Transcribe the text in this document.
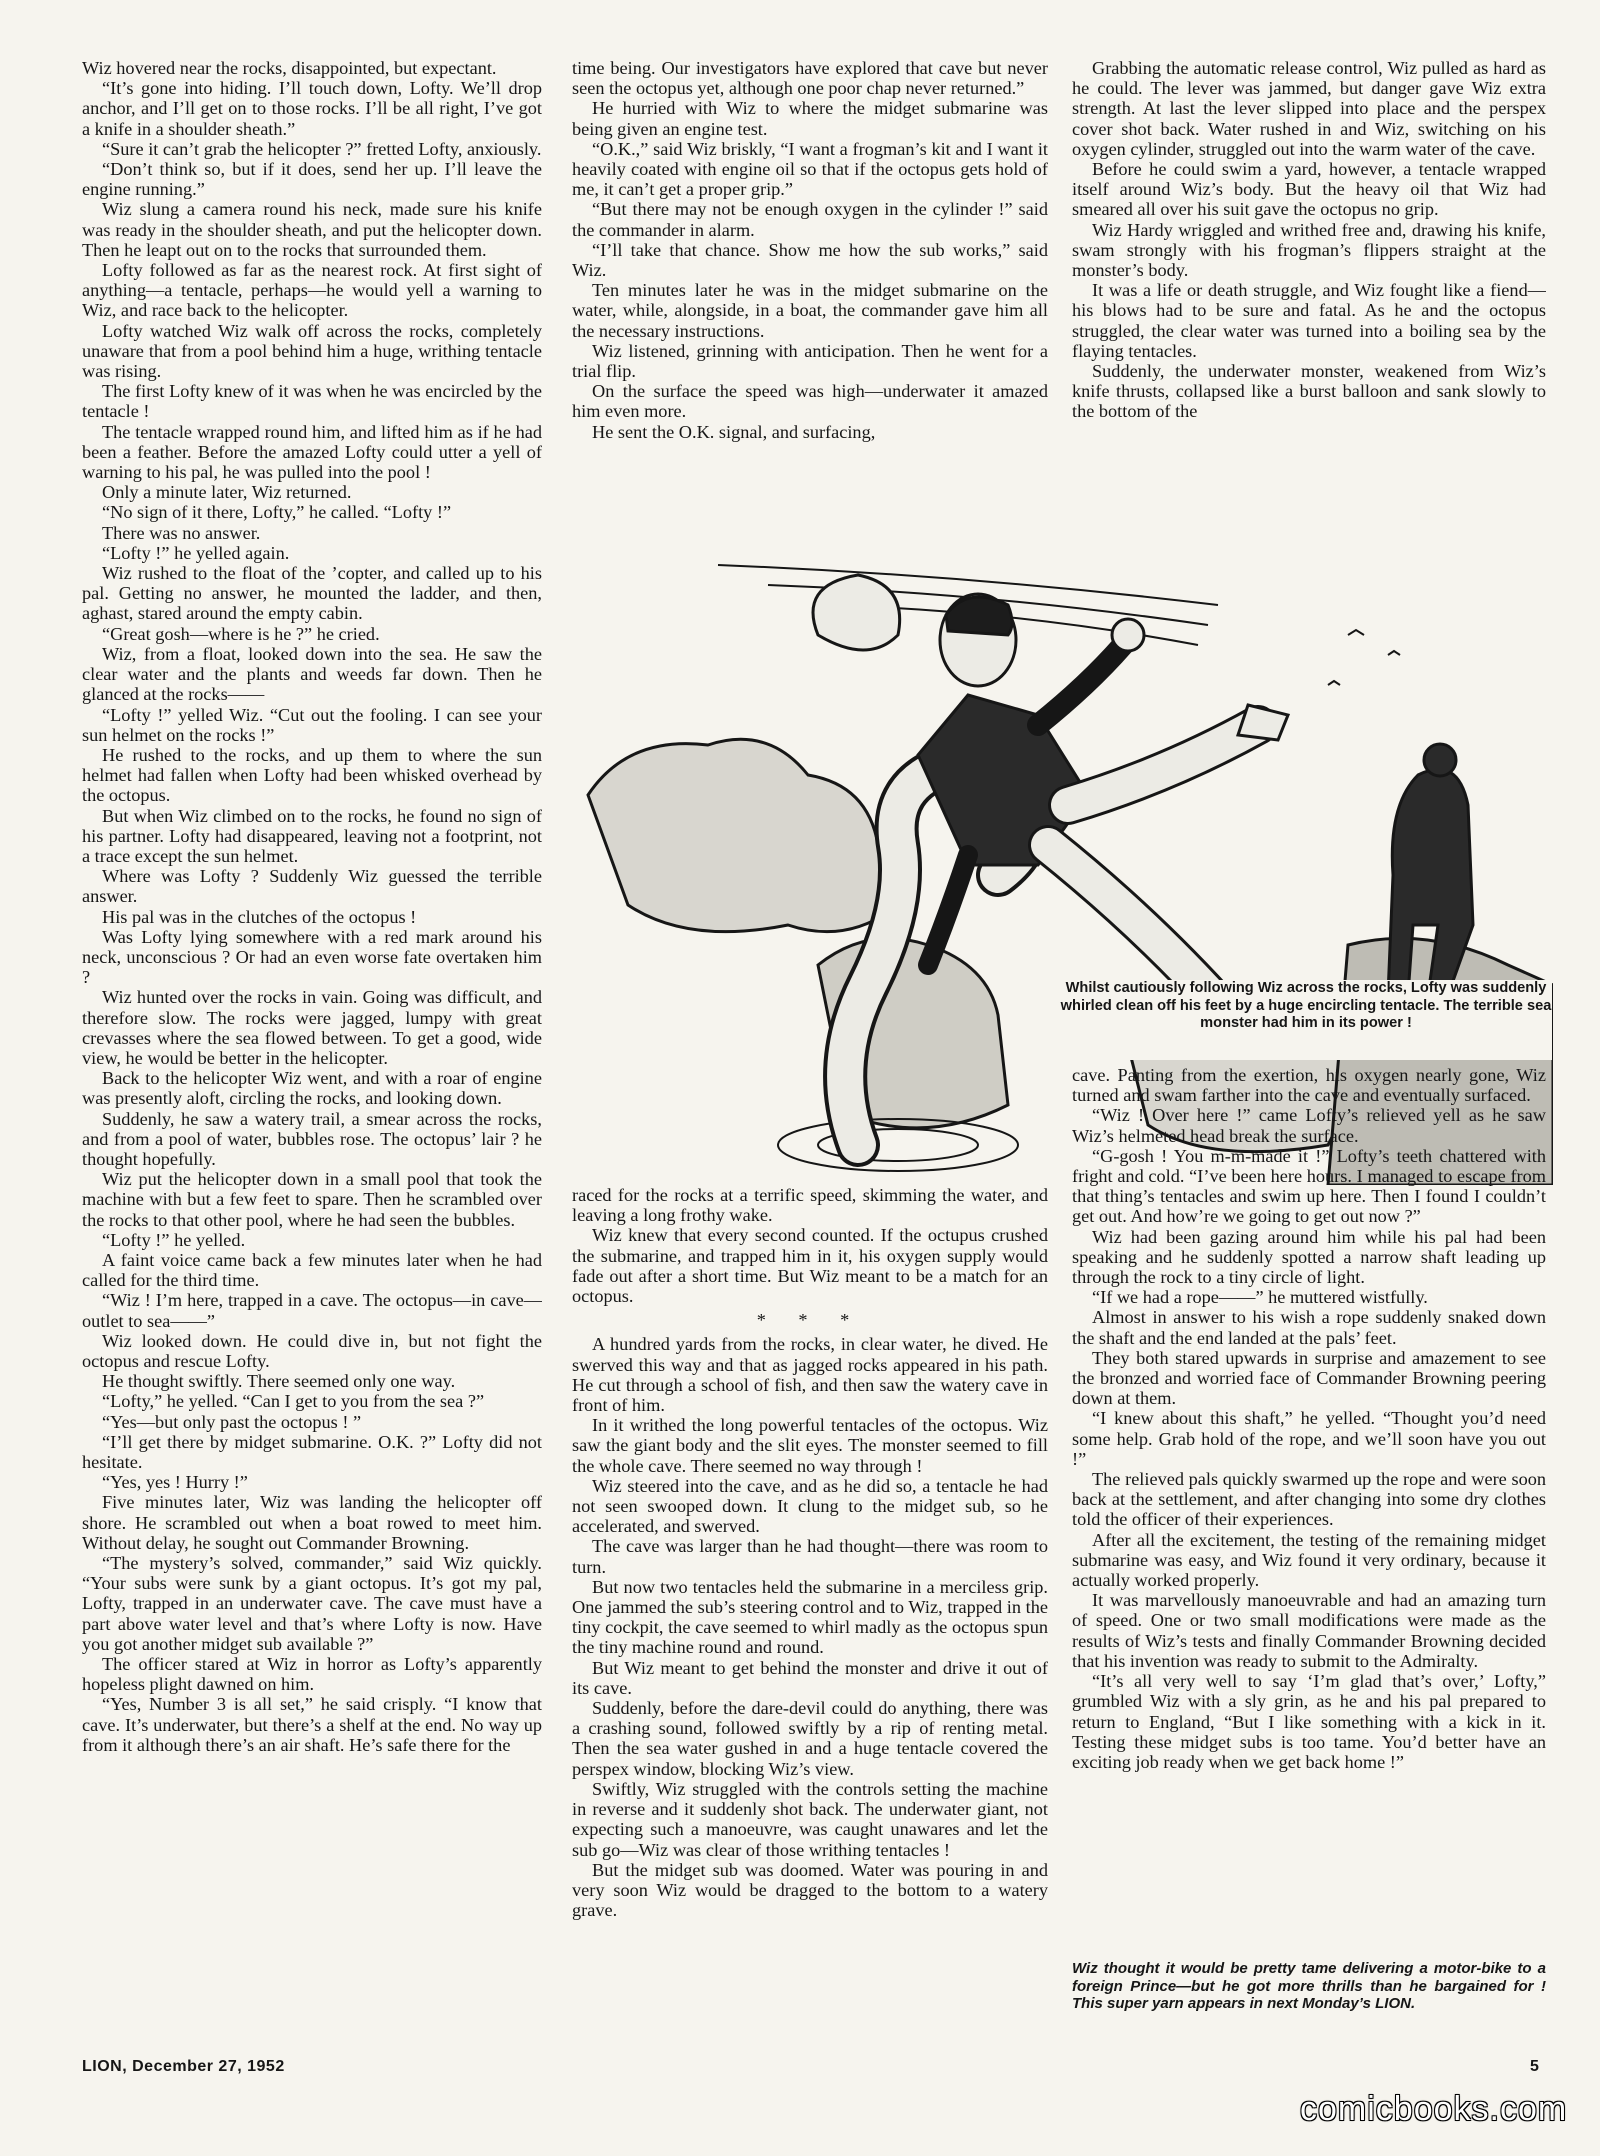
Wiz hovered near the rocks, disappointed, but expectant.

“It’s gone into hiding. I’ll touch down, Lofty. We’ll drop anchor, and I’ll get on to those rocks. I’ll be all right, I’ve got a knife in a shoulder sheath.”

“Sure it can’t grab the helicopter ?” fretted Lofty, anxiously.

“Don’t think so, but if it does, send her up. I’ll leave the engine running.”

Wiz slung a camera round his neck, made sure his knife was ready in the shoulder sheath, and put the helicopter down. Then he leapt out on to the rocks that surrounded them.

Lofty followed as far as the nearest rock. At first sight of anything—a tentacle, perhaps—he would yell a warning to Wiz, and race back to the helicopter.

Lofty watched Wiz walk off across the rocks, completely unaware that from a pool behind him a huge, writhing tentacle was rising.

The first Lofty knew of it was when he was encircled by the tentacle !

The tentacle wrapped round him, and lifted him as if he had been a feather. Before the amazed Lofty could utter a yell of warning to his pal, he was pulled into the pool !

Only a minute later, Wiz returned.

“No sign of it there, Lofty,” he called. “Lofty !”

There was no answer.

“Lofty !” he yelled again.

Wiz rushed to the float of the ’copter, and called up to his pal. Getting no answer, he mounted the ladder, and then, aghast, stared around the empty cabin.

“Great gosh—where is he ?” he cried.

Wiz, from a float, looked down into the sea. He saw the clear water and the plants and weeds far down. Then he glanced at the rocks——

“Lofty !” yelled Wiz. “Cut out the fooling. I can see your sun helmet on the rocks !”

He rushed to the rocks, and up them to where the sun helmet had fallen when Lofty had been whisked overhead by the octopus.

But when Wiz climbed on to the rocks, he found no sign of his partner. Lofty had disappeared, leaving not a footprint, not a trace except the sun helmet.

Where was Lofty ? Suddenly Wiz guessed the terrible answer.

His pal was in the clutches of the octopus !

Was Lofty lying somewhere with a red mark around his neck, unconscious ? Or had an even worse fate overtaken him ?

Wiz hunted over the rocks in vain. Going was difficult, and therefore slow. The rocks were jagged, lumpy with great crevasses where the sea flowed between. To get a good, wide view, he would be better in the helicopter.

Back to the helicopter Wiz went, and with a roar of engine was presently aloft, circling the rocks, and looking down.

Suddenly, he saw a watery trail, a smear across the rocks, and from a pool of water, bubbles rose. The octopus’ lair ? he thought hopefully.

Wiz put the helicopter down in a small pool that took the machine with but a few feet to spare. Then he scrambled over the rocks to that other pool, where he had seen the bubbles.

“Lofty !” he yelled.

A faint voice came back a few minutes later when he had called for the third time.

“Wiz ! I’m here, trapped in a cave. The octopus—in cave—outlet to sea——”

Wiz looked down. He could dive in, but not fight the octopus and rescue Lofty.

He thought swiftly. There seemed only one way.

“Lofty,” he yelled. “Can I get to you from the sea ?”

“Yes—but only past the octopus ! ”

“I’ll get there by midget submarine. O.K. ?” Lofty did not hesitate.

“Yes, yes ! Hurry !”

Five minutes later, Wiz was landing the helicopter off shore. He scrambled out when a boat rowed to meet him. Without delay, he sought out Commander Browning.

“The mystery’s solved, commander,” said Wiz quickly. “Your subs were sunk by a giant octopus. It’s got my pal, Lofty, trapped in an underwater cave. The cave must have a part above water level and that’s where Lofty is now. Have you got another midget sub available ?”

The officer stared at Wiz in horror as Lofty’s apparently hopeless plight dawned on him.

“Yes, Number 3 is all set,” he said crisply. “I know that cave. It’s underwater, but there’s a shelf at the end. No way up from it although there’s an air shaft. He’s safe there for the

time being. Our investigators have explored that cave but never seen the octopus yet, although one poor chap never returned.”

He hurried with Wiz to where the midget submarine was being given an engine test.

“O.K.,” said Wiz briskly, “I want a frogman’s kit and I want it heavily coated with engine oil so that if the octopus gets hold of me, it can’t get a proper grip.”

“But there may not be enough oxygen in the cylinder !” said the commander in alarm.

“I’ll take that chance. Show me how the sub works,” said Wiz.

Ten minutes later he was in the midget submarine on the water, while, alongside, in a boat, the commander gave him all the necessary instructions.

Wiz listened, grinning with anticipation. Then he went for a trial flip.

On the surface the speed was high—underwater it amazed him even more.

He sent the O.K. signal, and surfacing,

Grabbing the automatic release control, Wiz pulled as hard as he could. The lever was jammed, but danger gave Wiz extra strength. At last the lever slipped into place and the perspex cover shot back. Water rushed in and Wiz, switching on his oxygen cylinder, struggled out into the warm water of the cave.

Before he could swim a yard, however, a tentacle wrapped itself around Wiz’s body. But the heavy oil that Wiz had smeared all over his suit gave the octopus no grip.

Wiz Hardy wriggled and writhed free and, drawing his knife, swam strongly with his frogman’s flippers straight at the monster’s body.

It was a life or death struggle, and Wiz fought like a fiend—his blows had to be sure and fatal. As he and the octopus struggled, the clear water was turned into a boiling sea by the flaying tentacles.

Suddenly, the underwater monster, weakened from Wiz’s knife thrusts, collapsed like a burst balloon and sank slowly to the bottom of the

Whilst cautiously following Wiz across the rocks, Lofty was suddenly whirled clean off his feet by a huge encircling tentacle. The terrible sea monster had him in its power !

raced for the rocks at a terrific speed, skimming the water, and leaving a long frothy wake.

Wiz knew that every second counted. If the octupus crushed the submarine, and trapped him in it, his oxygen supply would fade out after a short time. But Wiz meant to be a match for an octopus.

* * *

A hundred yards from the rocks, in clear water, he dived. He swerved this way and that as jagged rocks appeared in his path. He cut through a school of fish, and then saw the watery cave in front of him.

In it writhed the long powerful tentacles of the octopus. Wiz saw the giant body and the slit eyes. The monster seemed to fill the whole cave. There seemed no way through !

Wiz steered into the cave, and as he did so, a tentacle he had not seen swooped down. It clung to the midget sub, so he accelerated, and swerved.

The cave was larger than he had thought—there was room to turn.

But now two tentacles held the submarine in a merciless grip. One jammed the sub’s steering control and to Wiz, trapped in the tiny cockpit, the cave seemed to whirl madly as the octopus spun the tiny machine round and round.

But Wiz meant to get behind the monster and drive it out of its cave.

Suddenly, before the dare-devil could do anything, there was a crashing sound, followed swiftly by a rip of renting metal. Then the sea water gushed in and a huge tentacle covered the perspex window, blocking Wiz’s view.

Swiftly, Wiz struggled with the controls setting the machine in reverse and it suddenly shot back. The underwater giant, not expecting such a manoeuvre, was caught unawares and let the sub go—Wiz was clear of those writhing tentacles !

But the midget sub was doomed. Water was pouring in and very soon Wiz would be dragged to the bottom to a watery grave.

cave. Panting from the exertion, his oxygen nearly gone, Wiz turned and swam farther into the cave and eventually surfaced.

“Wiz ! Over here !” came Lofty’s relieved yell as he saw Wiz’s helmeted head break the surface.

“G-gosh ! You m-m-made it !” Lofty’s teeth chattered with fright and cold. “I’ve been here hours. I managed to escape from that thing’s tentacles and swim up here. Then I found I couldn’t get out. And how’re we going to get out now ?”

Wiz had been gazing around him while his pal had been speaking and he suddenly spotted a narrow shaft leading up through the rock to a tiny circle of light.

“If we had a rope——” he muttered wistfully.

Almost in answer to his wish a rope suddenly snaked down the shaft and the end landed at the pals’ feet.

They both stared upwards in surprise and amazement to see the bronzed and worried face of Commander Browning peering down at them.

“I knew about this shaft,” he yelled. “Thought you’d need some help. Grab hold of the rope, and we’ll soon have you out !”

The relieved pals quickly swarmed up the rope and were soon back at the settlement, and after changing into some dry clothes told the officer of their experiences.

After all the excitement, the testing of the remaining midget submarine was easy, and Wiz found it very ordinary, because it actually worked properly.

It was marvellously manoeuvrable and had an amazing turn of speed. One or two small modifications were made as the results of Wiz’s tests and finally Commander Browning decided that his invention was ready to submit to the Admiralty.

“It’s all very well to say ‘I’m glad that’s over,’ Lofty,” grumbled Wiz with a sly grin, as he and his pal prepared to return to England, “But I like something with a kick in it. Testing these midget subs is too tame. You’d better have an exciting job ready when we get back home !”

Wiz thought it would be pretty tame delivering a motor-bike to a foreign Prince—but he got more thrills than he bargained for ! This super yarn appears in next Monday’s LION.
LION, December 27, 1952	5
comicbooks.com
